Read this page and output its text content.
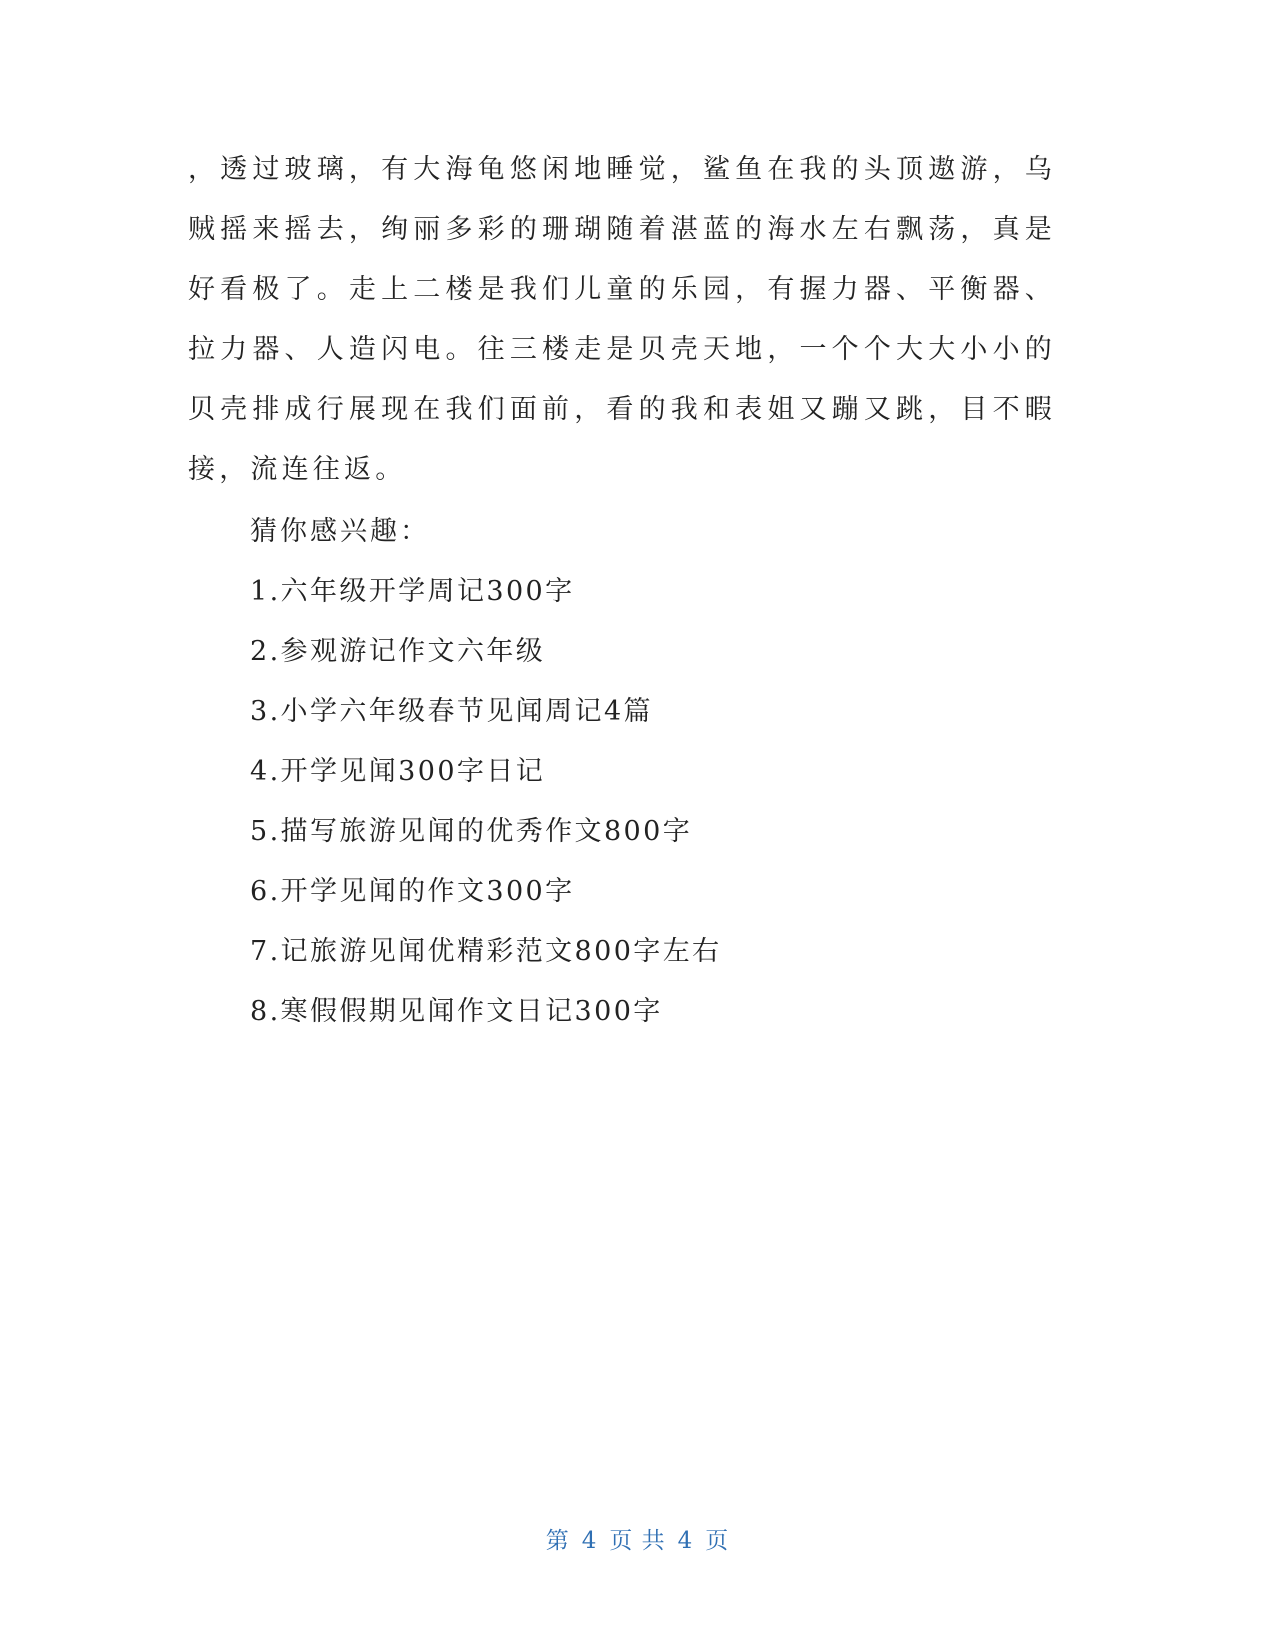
，透过玻璃，有大海龟悠闲地睡觉，鲨鱼在我的头顶遨游，乌贼摇来摇去，绚丽多彩的珊瑚随着湛蓝的海水左右飘荡，真是好看极了。走上二楼是我们儿童的乐园，有握力器、平衡器、拉力器、人造闪电。往三楼走是贝壳天地，一个个大大小小的贝壳排成行展现在我们面前，看的我和表姐又蹦又跳，目不暇接，流连往返。

猜你感兴趣：

1.六年级开学周记300字
2.参观游记作文六年级
3.小学六年级春节见闻周记4篇
4.开学见闻300字日记
5.描写旅游见闻的优秀作文800字
6.开学见闻的作文300字
7.记旅游见闻优精彩范文800字左右
8.寒假假期见闻作文日记300字
第 4 页 共 4 页
